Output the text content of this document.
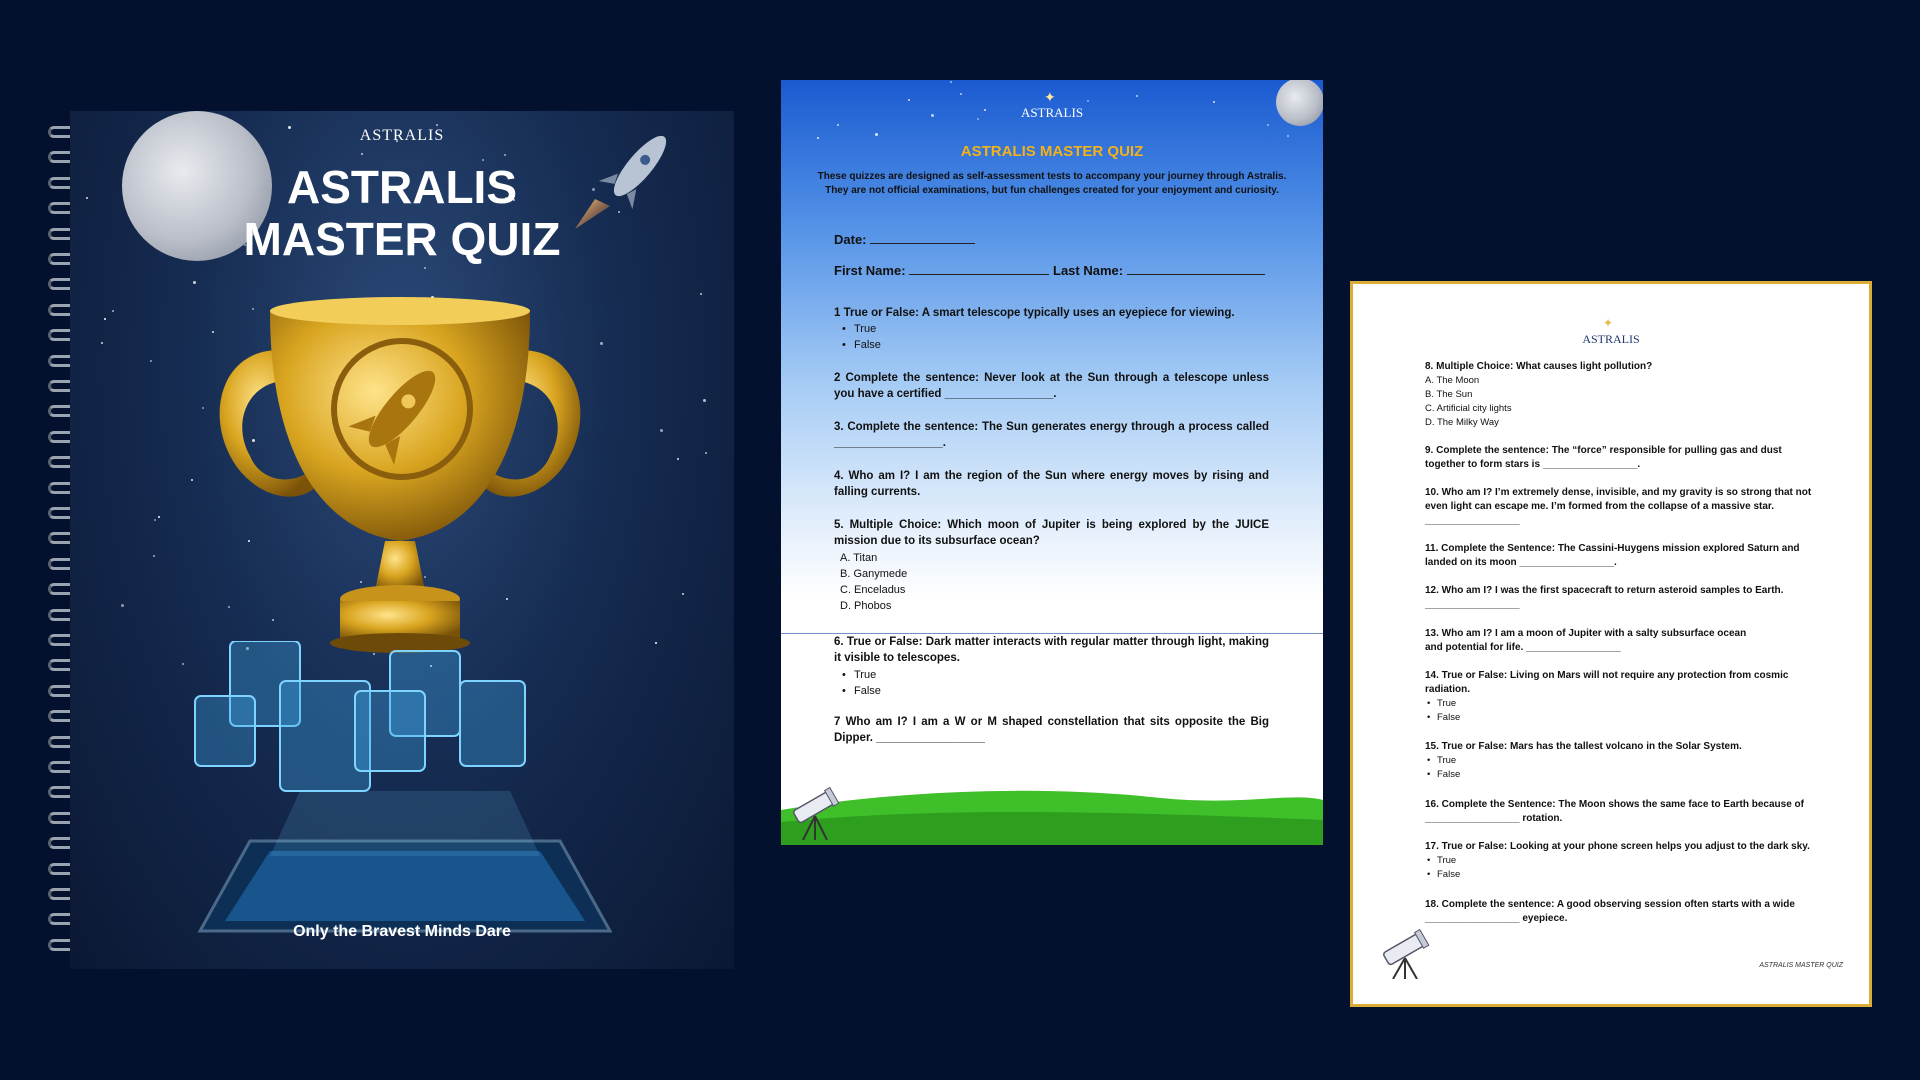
ASTRALIS
ASTRALIS
MASTER QUIZ
Only the Bravest Minds Dare
✦
ASTRALIS
ASTRALIS MASTER QUIZ
These quizzes are designed as self-assessment tests to accompany your journey through Astralis.
They are not official examinations, but fun challenges created for your enjoyment and curiosity.
Date:
First Name:	Last Name:
1 True or False: A smart telescope typically uses an eyepiece for viewing.
• True
• False
2 Complete the sentence: Never look at the Sun through a telescope unless you have a certified _________________.
3. Complete the sentence: The Sun generates energy through a process called _________________.
4. Who am I? I am the region of the Sun where energy moves by rising and falling currents.
5. Multiple Choice: Which moon of Jupiter is being explored by the JUICE mission due to its subsurface ocean?
A. Titan
B. Ganymede
C. Enceladus
D. Phobos
6. True or False: Dark matter interacts with regular matter through light, making it visible to telescopes.
• True
• False
7 Who am I? I am a W or M shaped constellation that sits opposite the Big Dipper. _________________
✦
ASTRALIS
8. Multiple Choice: What causes light pollution?
A. The Moon
B. The Sun
C. Artificial city lights
D. The Milky Way
9. Complete the sentence: The “force” responsible for pulling gas and dust together to form stars is _________________.
10. Who am I? I’m extremely dense, invisible, and my gravity is so strong that not even light can escape me. I’m formed from the collapse of a massive star. _________________
11. Complete the Sentence: The Cassini-Huygens mission explored Saturn and landed on its moon _________________.
12. Who am I? I was the first spacecraft to return asteroid samples to Earth. _________________
13. Who am I? I am a moon of Jupiter with a salty subsurface ocean and potential for life. _________________
14. True or False: Living on Mars will not require any protection from cosmic radiation.
• True
• False
15. True or False: Mars has the tallest volcano in the Solar System.
• True
• False
16. Complete the Sentence: The Moon shows the same face to Earth because of _________________ rotation.
17. True or False: Looking at your phone screen helps you adjust to the dark sky.
• True
• False
18. Complete the sentence: A good observing session often starts with a wide _________________ eyepiece.
ASTRALIS MASTER QUIZ
